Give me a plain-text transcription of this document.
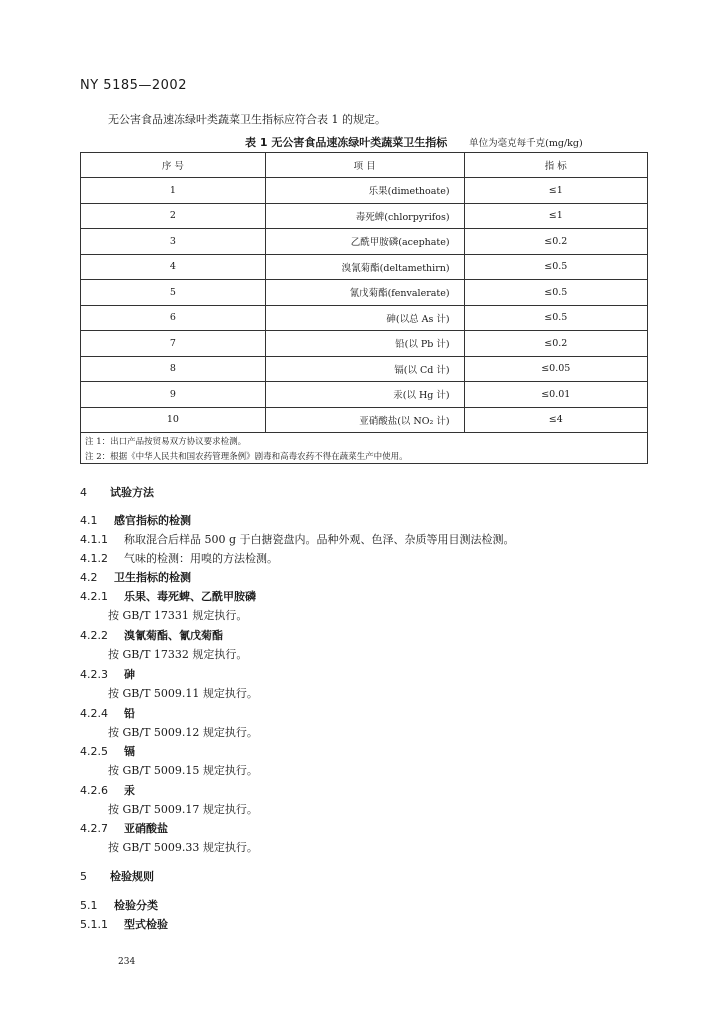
NY 5185—2002
无公害食品速冻绿叶类蔬菜卫生指标应符合表 1 的规定。
表 1 无公害食品速冻绿叶类蔬菜卫生指标 单位为毫克每千克(mg/kg)
序 号	项 目	指 标
1	乐果(dimethoate)	≤1
2	毒死蜱(chlorpyrifos)	≤1
3	乙酰甲胺磷(acephate)	≤0.2
4	溴氰菊酯(deltamethirn)	≤0.5
5	氰戊菊酯(fenvalerate)	≤0.5
6	砷(以总 As 计)	≤0.5
7	铅(以 Pb 计)	≤0.2
8	镉(以 Cd 计)	≤0.05
9	汞(以 Hg 计)	≤0.01
10	亚硝酸盐(以 NO₂ 计)	≤4
注 1：出口产品按贸易双方协议要求检测。		
注 2：根据《中华人民共和国农药管理条例》剧毒和高毒农药不得在蔬菜生产中使用。		
4 试验方法
4.1 感官指标的检测
4.1.1 称取混合后样品 500 g 于白搪瓷盘内。品种外观、色泽、杂质等用目测法检测。
4.1.2 气味的检测：用嗅的方法检测。
4.2 卫生指标的检测
4.2.1 乐果、毒死蜱、乙酰甲胺磷
按 GB/T 17331 规定执行。
4.2.2 溴氰菊酯、氰戊菊酯
按 GB/T 17332 规定执行。
4.2.3 砷
按 GB/T 5009.11 规定执行。
4.2.4 铅
按 GB/T 5009.12 规定执行。
4.2.5 镉
按 GB/T 5009.15 规定执行。
4.2.6 汞
按 GB/T 5009.17 规定执行。
4.2.7 亚硝酸盐
按 GB/T 5009.33 规定执行。
5 检验规则
5.1 检验分类
5.1.1 型式检验
234
